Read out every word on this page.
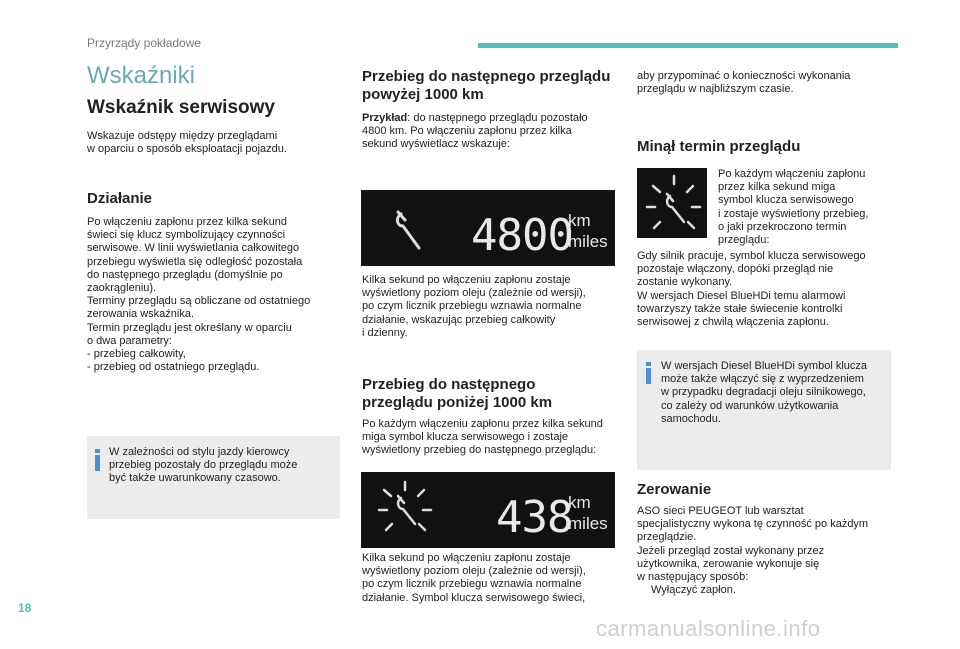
Przyrządy pokładowe
Wskaźniki
Wskaźnik serwisowy

Wskazuje odstępy między przeglądami

w oparciu o sposób eksploatacji pojazdu.

Działanie

Po włączeniu zapłonu przez kilka sekund

świeci się klucz symbolizujący czynności

serwisowe. W linii wyświetlania całkowitego

przebiegu wyświetla się odległość pozostała

do następnego przeglądu (domyślnie po

zaokrągleniu).

Terminy przeglądu są obliczane od ostatniego

zerowania wskaźnika.

Termin przeglądu jest określany w oparciu

o dwa parametry:

- przebieg całkowity,

- przebieg od ostatniego przeglądu.

W zależności od stylu jazdy kierowcy

przebieg pozostały do przeglądu może

być także uwarunkowany czasowo.

Przebieg do następnego przeglądu

powyżej 1000 km

Przykład: do następnego przeglądu pozostało

4800 km. Po włączeniu zapłonu przez kilka

sekund wyświetlacz wskazuje:

4800
km
miles

Kilka sekund po włączeniu zapłonu zostaje

wyświetlony poziom oleju (zależnie od wersji),

po czym licznik przebiegu wznawia normalne

działanie, wskazując przebieg całkowity

i dzienny.

Przebieg do następnego

przeglądu poniżej 1000 km

Po każdym włączeniu zapłonu przez kilka sekund

miga symbol klucza serwisowego i zostaje

wyświetlony przebieg do następnego przeglądu:

438
km
miles

Kilka sekund po włączeniu zapłonu zostaje

wyświetlony poziom oleju (zależnie od wersji),

po czym licznik przebiegu wznawia normalne

działanie. Symbol klucza serwisowego świeci,

aby przypominać o konieczności wykonania

przeglądu w najbliższym czasie.

Minął termin przeglądu

Po każdym włączeniu zapłonu

przez kilka sekund miga

symbol klucza serwisowego

i zostaje wyświetlony przebieg,

o jaki przekroczono termin

przeglądu:

Gdy silnik pracuje, symbol klucza serwisowego

pozostaje włączony, dopóki przegląd nie

zostanie wykonany.

W wersjach Diesel BlueHDi temu alarmowi

towarzyszy także stałe świecenie kontrolki

serwisowej z chwilą włączenia zapłonu.

W wersjach Diesel BlueHDi symbol klucza

może także włączyć się z wyprzedzeniem

w przypadku degradacji oleju silnikowego,

co zależy od warunków użytkowania

samochodu.

Zerowanie

ASO sieci PEUGEOT lub warsztat

specjalistyczny wykona tę czynność po każdym

przeglądzie.

Jeżeli przegląd został wykonany przez

użytkownika, zerowanie wykonuje się

w następujący sposób:

Wyłączyć zapłon.

18
carmanualsonline.info
